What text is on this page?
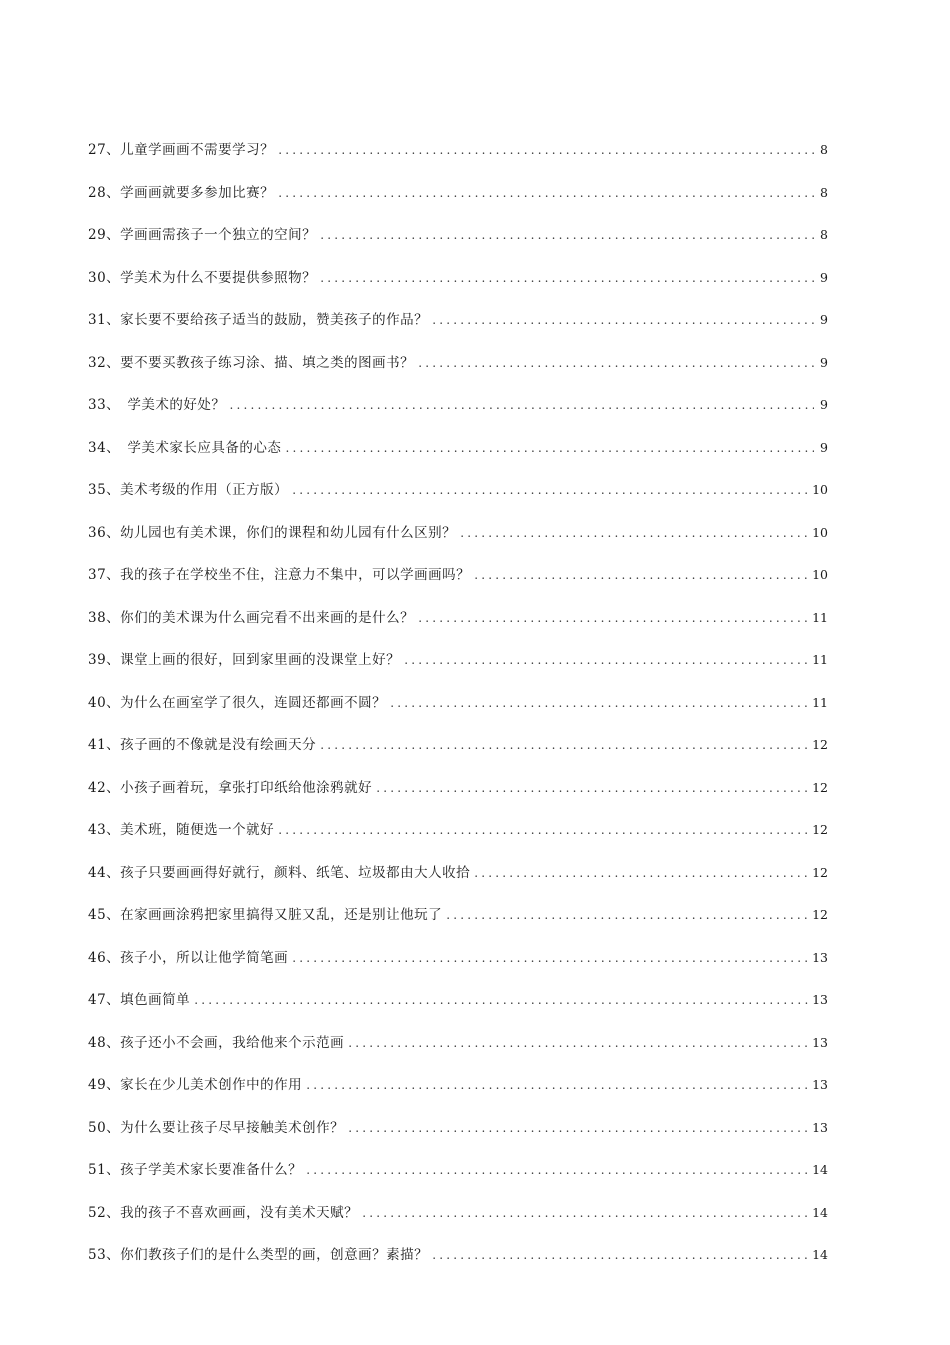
27、儿童学画画不需要学习？ .....	8
28、学画画就要多参加比赛？ .....	8
29、学画画需孩子一个独立的空间？ .....	8
30、学美术为什么不要提供参照物？ .....	9
31、家长要不要给孩子适当的鼓励，赞美孩子的作品？ .....	9
32、要不要买教孩子练习涂、描、填之类的图画书？ .....	9
33、　学美术的好处？ .....	9
34、　学美术家长应具备的心态 .....	9
35、美术考级的作用（正方版） .....	10
36、幼儿园也有美术课，你们的课程和幼儿园有什么区别？ .....	10
37、我的孩子在学校坐不住，注意力不集中，可以学画画吗？ .....	10
38、你们的美术课为什么画完看不出来画的是什么？ .....	11
39、课堂上画的很好，回到家里画的没课堂上好？ .....	11
40、为什么在画室学了很久，连圆还都画不圆？ .....	11
41、孩子画的不像就是没有绘画天分 .....	12
42、小孩子画着玩，拿张打印纸给他涂鸦就好 .....	12
43、美术班，随便选一个就好 .....	12
44、孩子只要画画得好就行，颜料、纸笔、垃圾都由大人收拾 .....	12
45、在家画画涂鸦把家里搞得又脏又乱，还是别让他玩了 .....	12
46、孩子小，所以让他学简笔画 .....	13
47、填色画简单 .....	13
48、孩子还小不会画，我给他来个示范画 .....	13
49、家长在少儿美术创作中的作用 .....	13
50、为什么要让孩子尽早接触美术创作？ .....	13
51、孩子学美术家长要准备什么？ .....	14
52、我的孩子不喜欢画画，没有美术天赋？ .....	14
53、你们教孩子们的是什么类型的画，创意画？素描？ .....	14
